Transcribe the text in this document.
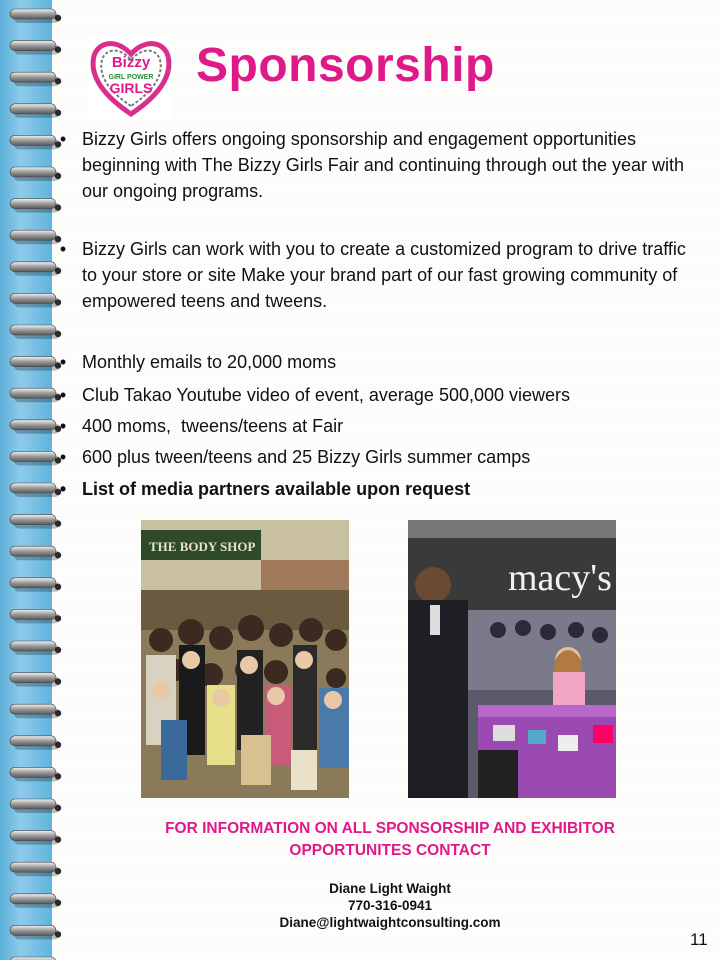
Bizzy
GIRL POWER
GIRLS Sponsorship
• Bizzy Girls offers ongoing sponsorship and engagement opportunities beginning with The Bizzy Girls Fair and continuing through out the year with our ongoing programs.
• Bizzy Girls can work with you to create a customized program to drive traffic to your store or site Make your brand part of our fast growing community of empowered teens and tweens.
• Monthly emails to 20,000 moms
• Club Takao Youtube video of event, average 500,000 viewers
• 400 moms,  tweens/teens at Fair
• 600 plus tween/teens and 25 Bizzy Girls summer camps
• List of media partners available upon request
THE BODY SHOP
macy's
FOR INFORMATION ON ALL SPONSORSHIP AND EXHIBITOR
OPPORTUNITES CONTACT
Diane Light Waight
770-316-0941
Diane@lightwaightconsulting.com
11
